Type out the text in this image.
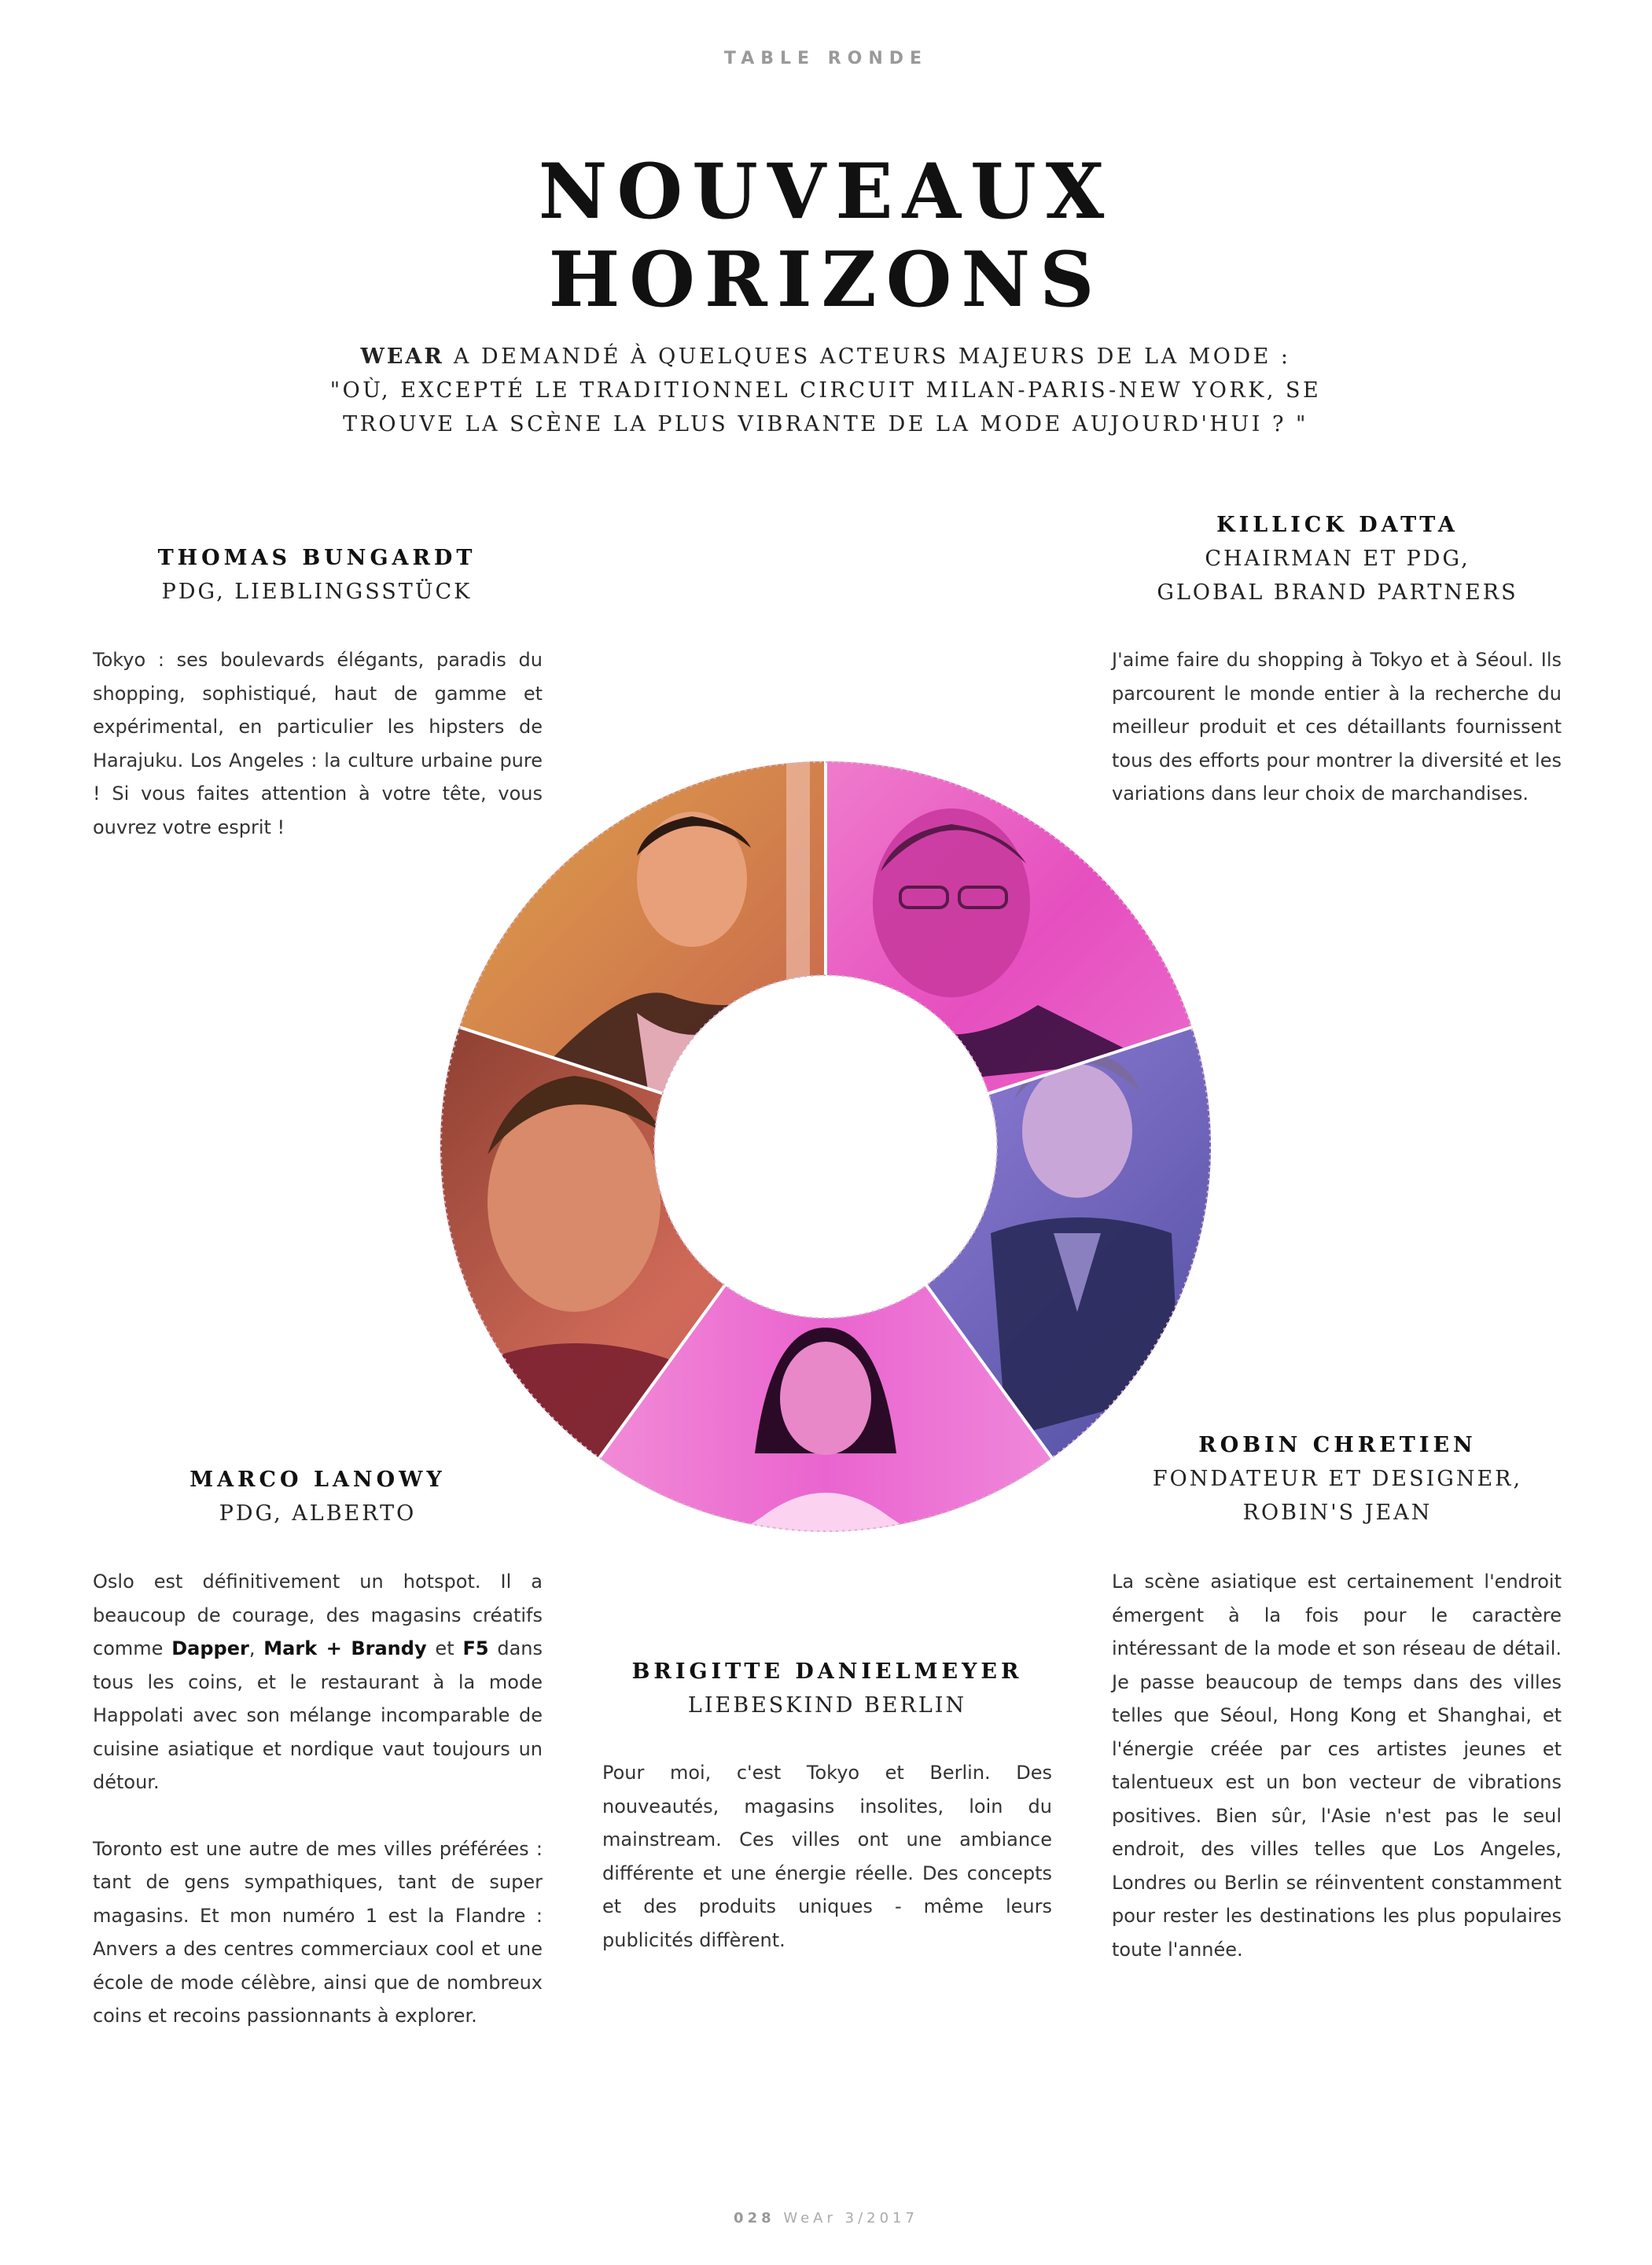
TABLE RONDE
NOUVEAUX
HORIZONS
WEAR A DEMANDÉ À QUELQUES ACTEURS MAJEURS DE LA MODE :
"OÙ, EXCEPTÉ LE TRADITIONNEL CIRCUIT MILAN-PARIS-NEW YORK, SE
TROUVE LA SCÈNE LA PLUS VIBRANTE DE LA MODE AUJOURD'HUI ? "
THOMAS BUNGARDT
PDG, LIEBLINGSSTÜCK

Tokyo : ses boulevards élégants, paradis du shopping, sophistiqué, haut de gamme et expérimental, en particulier les hipsters de Harajuku. Los Angeles : la culture urbaine pure ! Si vous faites attention à votre tête, vous ouvrez votre esprit !

KILLICK DATTA
CHAIRMAN ET PDG,
GLOBAL BRAND PARTNERS

J'aime faire du shopping à Tokyo et à Séoul. Ils parcourent le monde entier à la recherche du meilleur produit et ces détaillants fournissent tous des efforts pour montrer la diversité et les variations dans leur choix de marchandises.

MARCO LANOWY
PDG, ALBERTO

Oslo est définitivement un hotspot. Il a beaucoup de courage, des magasins créatifs comme Dapper, Mark + Brandy et F5 dans tous les coins, et le restaurant à la mode Happolati avec son mélange incomparable de cuisine asiatique et nordique vaut toujours un détour.

Toronto est une autre de mes villes préférées : tant de gens sympathiques, tant de super magasins. Et mon numéro 1 est la Flandre : Anvers a des centres commerciaux cool et une école de mode célèbre, ainsi que de nombreux coins et recoins passionnants à explorer.

BRIGITTE DANIELMEYER
LIEBESKIND BERLIN

Pour moi, c'est Tokyo et Berlin. Des nouveautés, magasins insolites, loin du mainstream. Ces villes ont une ambiance différente et une énergie réelle. Des concepts et des produits uniques - même leurs publicités diffèrent.

ROBIN CHRETIEN
FONDATEUR ET DESIGNER,
ROBIN'S JEAN

La scène asiatique est certainement l'endroit émergent à la fois pour le caractère intéressant de la mode et son réseau de détail. Je passe beaucoup de temps dans des villes telles que Séoul, Hong Kong et Shanghai, et l'énergie créée par ces artistes jeunes et talentueux est un bon vecteur de vibrations positives. Bien sûr, l'Asie n'est pas le seul endroit, des villes telles que Los Angeles, Londres ou Berlin se réinventent constamment pour rester les destinations les plus populaires toute l'année.

028 WeAr 3/2017
